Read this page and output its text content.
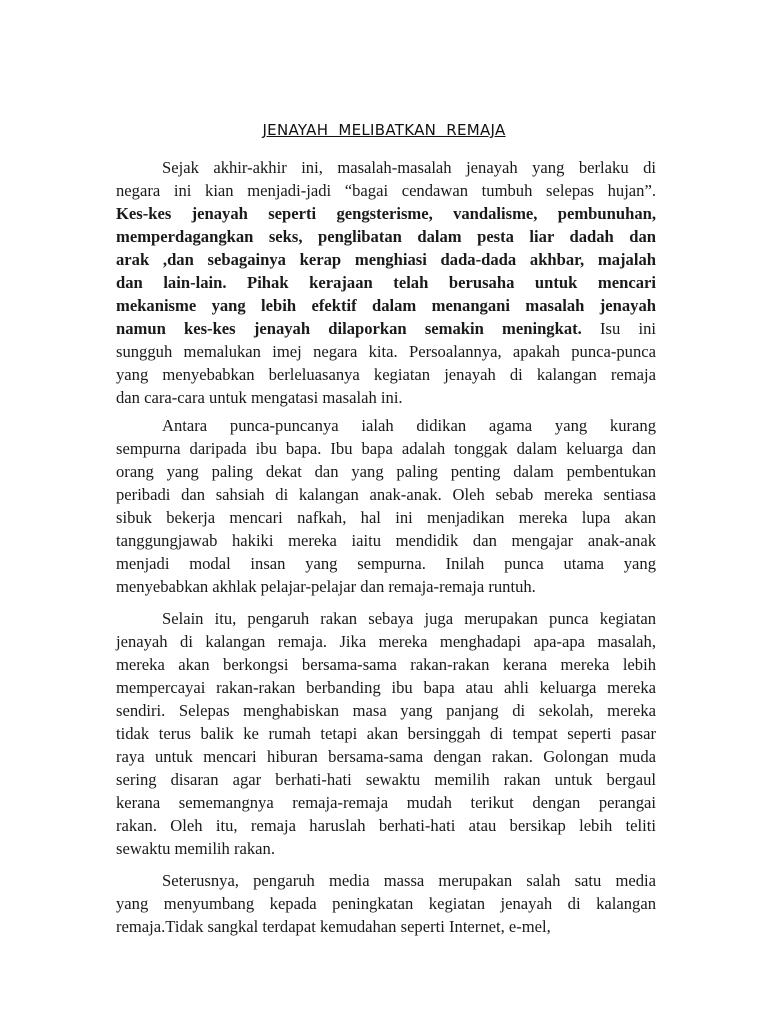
JENAYAH MELIBATKAN REMAJA
Sejak akhir-akhir ini, masalah-masalah jenayah yang berlaku di
negara ini kian menjadi-jadi “bagai cendawan tumbuh selepas hujan”.
Kes-kes jenayah seperti gengsterisme, vandalisme, pembunuhan,
memperdagangkan seks, penglibatan dalam pesta liar dadah dan
arak ,dan sebagainya kerap menghiasi dada-dada akhbar, majalah
dan lain-lain. Pihak kerajaan telah berusaha untuk mencari
mekanisme yang lebih efektif dalam menangani masalah jenayah
namun kes-kes jenayah dilaporkan semakin meningkat. Isu ini
sungguh memalukan imej negara kita. Persoalannya, apakah punca-punca
yang menyebabkan berleluasanya kegiatan jenayah di kalangan remaja
dan cara-cara untuk mengatasi masalah ini.
Antara punca-puncanya ialah didikan agama yang kurang
sempurna daripada ibu bapa. Ibu bapa adalah tonggak dalam keluarga dan
orang yang paling dekat dan yang paling penting dalam pembentukan
peribadi dan sahsiah di kalangan anak-anak. Oleh sebab mereka sentiasa
sibuk bekerja mencari nafkah, hal ini menjadikan mereka lupa akan
tanggungjawab hakiki mereka iaitu mendidik dan mengajar anak-anak
menjadi modal insan yang sempurna. Inilah punca utama yang
menyebabkan akhlak pelajar-pelajar dan remaja-remaja runtuh.
Selain itu, pengaruh rakan sebaya juga merupakan punca kegiatan
jenayah di kalangan remaja. Jika mereka menghadapi apa-apa masalah,
mereka akan berkongsi bersama-sama rakan-rakan kerana mereka lebih
mempercayai rakan-rakan berbanding ibu bapa atau ahli keluarga mereka
sendiri. Selepas menghabiskan masa yang panjang di sekolah, mereka
tidak terus balik ke rumah tetapi akan bersinggah di tempat seperti pasar
raya untuk mencari hiburan bersama-sama dengan rakan. Golongan muda
sering disaran agar berhati-hati sewaktu memilih rakan untuk bergaul
kerana sememangnya remaja-remaja mudah terikut dengan perangai
rakan. Oleh itu, remaja haruslah berhati-hati atau bersikap lebih teliti
sewaktu memilih rakan.
Seterusnya, pengaruh media massa merupakan salah satu media
yang menyumbang kepada peningkatan kegiatan jenayah di kalangan
remaja.Tidak sangkal terdapat kemudahan seperti Internet, e-mel,
